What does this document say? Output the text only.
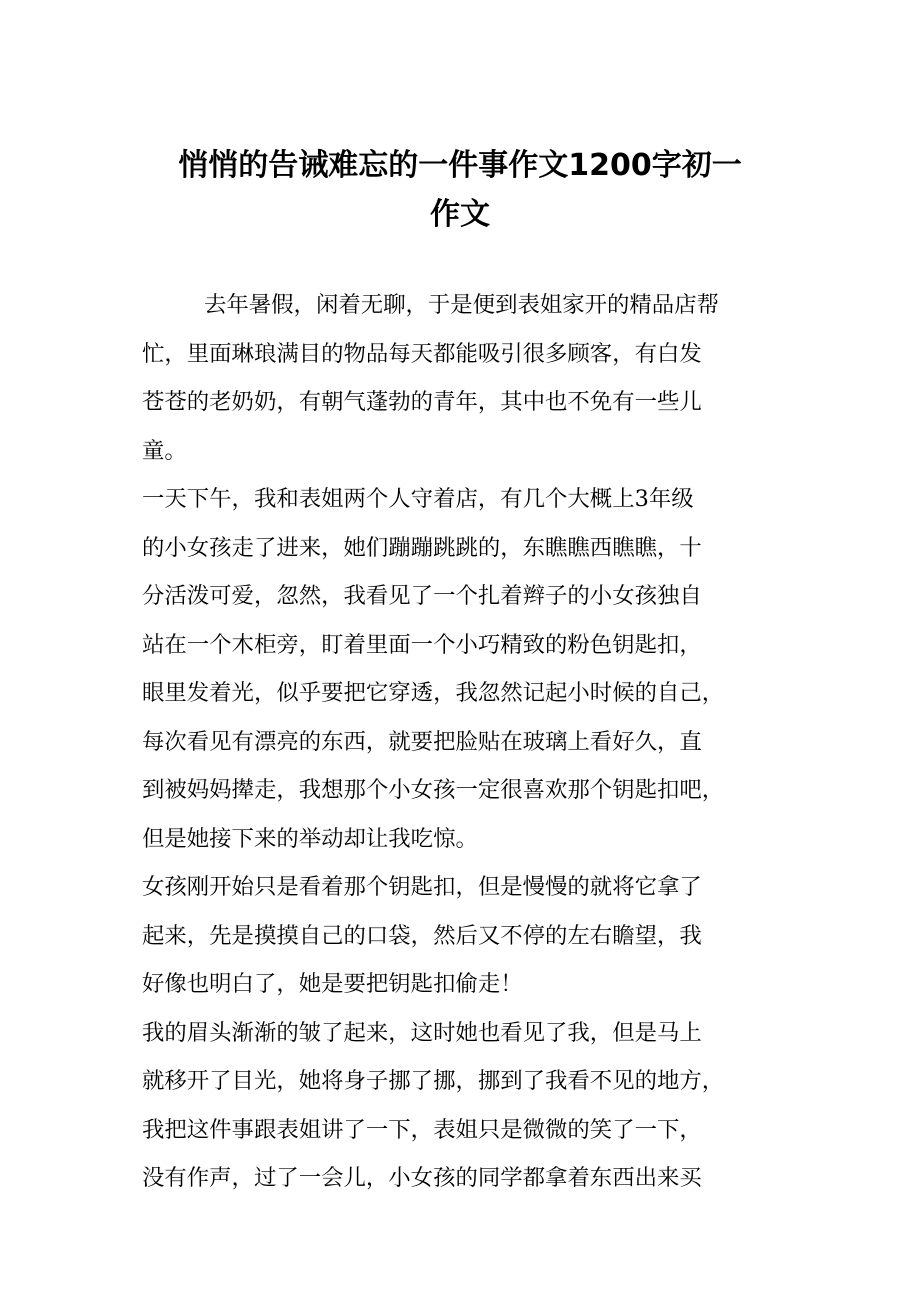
悄悄的告诫难忘的一件事作文1200字初一
作文
去年暑假，闲着无聊，于是便到表姐家开的精品店帮
忙，里面琳琅满目的物品每天都能吸引很多顾客，有白发
苍苍的老奶奶，有朝气蓬勃的青年，其中也不免有一些儿
童。
一天下午，我和表姐两个人守着店，有几个大概上3年级
的小女孩走了进来，她们蹦蹦跳跳的，东瞧瞧西瞧瞧，十
分活泼可爱，忽然，我看见了一个扎着辫子的小女孩独自
站在一个木柜旁，盯着里面一个小巧精致的粉色钥匙扣，
眼里发着光，似乎要把它穿透，我忽然记起小时候的自己，
每次看见有漂亮的东西，就要把脸贴在玻璃上看好久，直
到被妈妈撵走，我想那个小女孩一定很喜欢那个钥匙扣吧，
但是她接下来的举动却让我吃惊。
女孩刚开始只是看着那个钥匙扣，但是慢慢的就将它拿了
起来，先是摸摸自己的口袋，然后又不停的左右瞻望，我
好像也明白了，她是要把钥匙扣偷走！
我的眉头渐渐的皱了起来，这时她也看见了我，但是马上
就移开了目光，她将身子挪了挪，挪到了我看不见的地方，
我把这件事跟表姐讲了一下，表姐只是微微的笑了一下，
没有作声，过了一会儿，小女孩的同学都拿着东西出来买
